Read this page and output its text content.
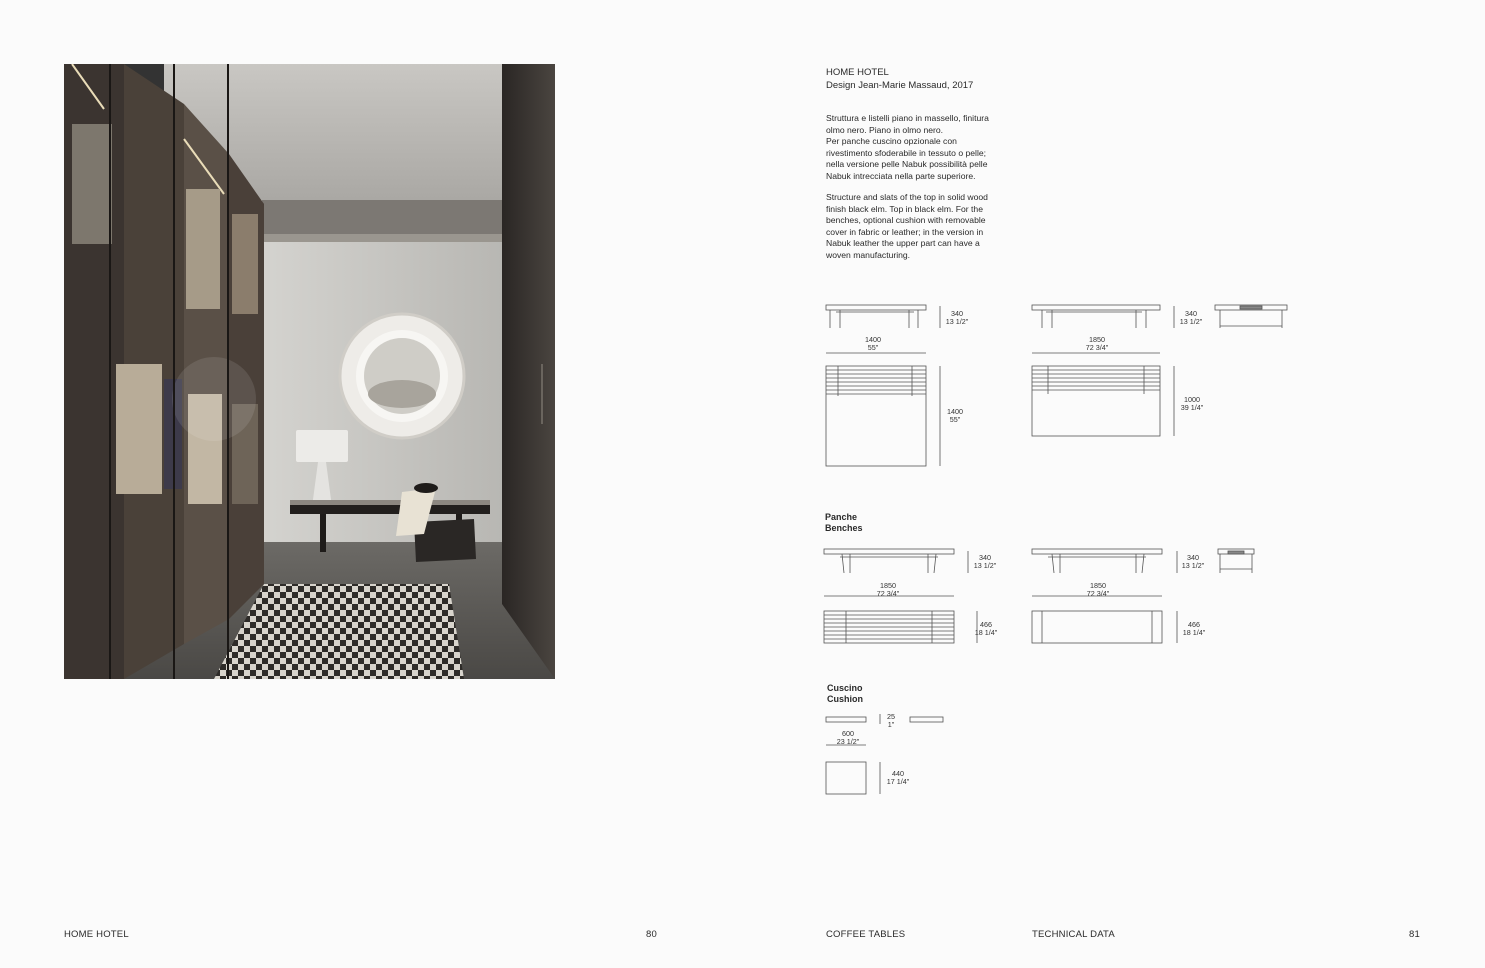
HOME HOTEL
Design Jean-Marie Massaud, 2017
Struttura e listelli piano in massello, finitura
olmo nero. Piano in olmo nero.
Per panche cuscino opzionale con
rivestimento sfoderabile in tessuto o pelle;
nella versione pelle Nabuk possibilità pelle
Nabuk intrecciata nella parte superiore.
Structure and slats of the top in solid wood
finish black elm. Top in black elm. For the
benches, optional cushion with removable
cover in fabric or leather; in the version in
Nabuk leather the upper part can have a
woven manufacturing.
340
13 1/2"
1400
55"
1400
55"
340
13 1/2"
1850
72 3/4"
1000
39 1/4"
Panche
Benches
340
13 1/2"
1850
72 3/4"
466
18 1/4"
340
13 1/2"
1850
72 3/4"
466
18 1/4"
Cuscino
Cushion
25
1"
600
23 1/2"
440
17 1/4"
HOME HOTEL	80	COFFEE TABLES	TECHNICAL DATA	81
